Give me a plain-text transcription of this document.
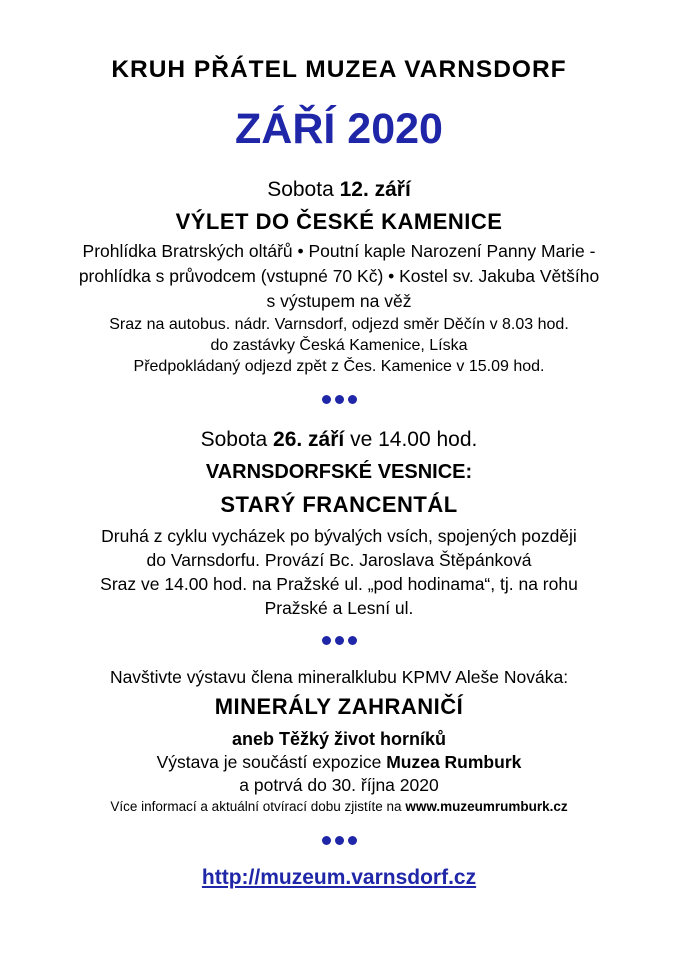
KRUH PŘÁTEL MUZEA VARNSDORF
ZÁŘÍ 2020
Sobota 12. září
VÝLET DO ČESKÉ KAMENICE
Prohlídka Bratrských oltářů • Poutní kaple Narození Panny Marie -
prohlídka s průvodcem (vstupné 70 Kč) • Kostel sv. Jakuba Většího
s výstupem na věž
Sraz na autobus. nádr. Varnsdorf, odjezd směr Děčín v 8.03 hod.
do zastávky Česká Kamenice, Líska
Předpokládaný odjezd zpět z Čes. Kamenice v 15.09 hod.
Sobota 26. září ve 14.00 hod.
VARNSDORFSKÉ VESNICE:
STARÝ FRANCENTÁL
Druhá z cyklu vycházek po bývalých vsích, spojených později
do Varnsdorfu. Provází Bc. Jaroslava Štěpánková
Sraz ve 14.00 hod. na Pražské ul. „pod hodinama“, tj. na rohu
Pražské a Lesní ul.
Navštivte výstavu člena mineralklubu KPMV Aleše Nováka:
MINERÁLY ZAHRANIČÍ
aneb Těžký život horníků
Výstava je součástí expozice Muzea Rumburk
a potrvá do 30. října 2020
Více informací a aktuální otvírací dobu zjistíte na www.muzeumrumburk.cz
http://muzeum.varnsdorf.cz
